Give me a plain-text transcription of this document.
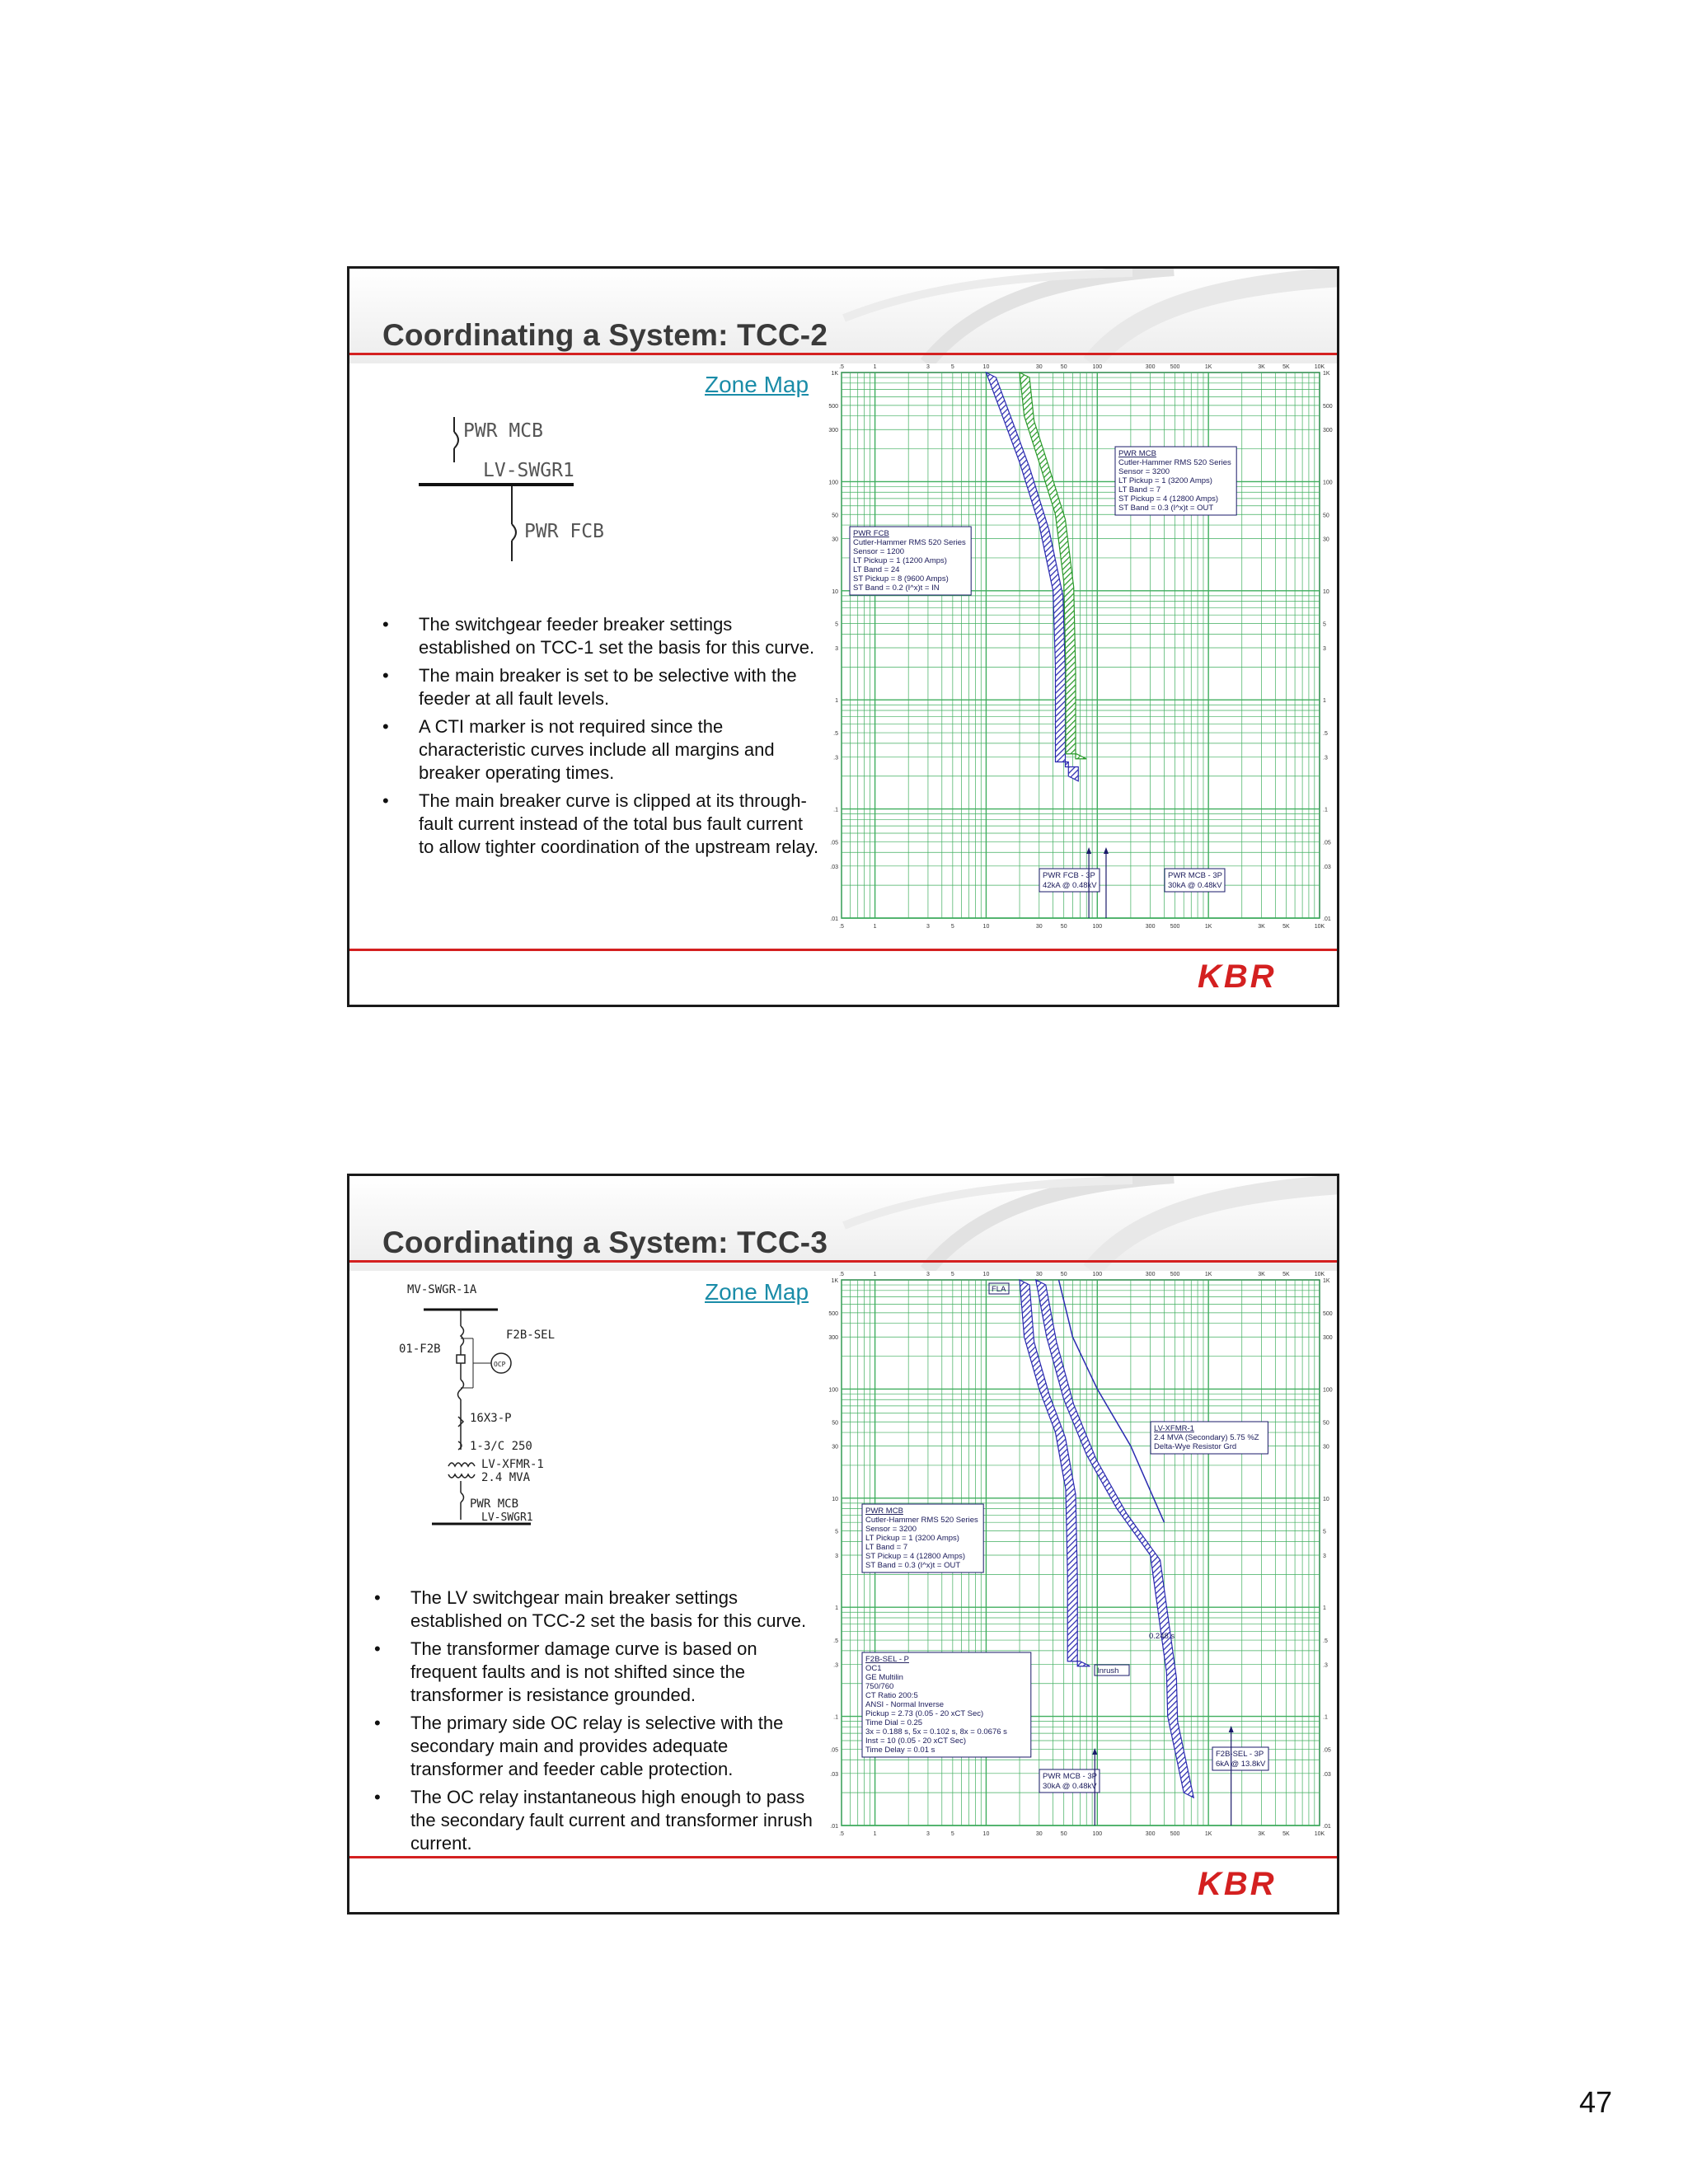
Coordinating a System: TCC-2
Zone Map
PWR MCB
LV-SWGR1
PWR FCB
• The switchgear feeder breaker settings established on TCC-1 set the basis for this curve.
• The main breaker is set to be selective with the feeder at all fault levels.
• A CTI marker is not required since the characteristic curves include all margins and breaker operating times.
• The main breaker curve is clipped at its through-fault current instead of the total bus fault current to allow tighter coordination of the upstream relay.
.5
.5
1
1
3
3
5
5
10
10
30
30
50
50
100
100
300
300
500
500
1K
1K
3K
3K
5K
5K
10K
10K
1K	1K
500	500
300	300
100	100
50	50
30	30
10	10
5	5
3	3
1	1
.5	.5
.3	.3
.1	.1
.05	.05
.03	.03
.01	.01
PWR FCB
Cutler-Hammer RMS 520 Series
Sensor = 1200
LT Pickup = 1 (1200 Amps)
LT Band = 24
ST Pickup = 8 (9600 Amps)
ST Band = 0.2 (I^x)t = IN
PWR MCB
Cutler-Hammer RMS 520 Series
Sensor = 3200
LT Pickup = 1 (3200 Amps)
LT Band = 7
ST Pickup = 4 (12800 Amps)
ST Band = 0.3 (I^x)t = OUT
PWR FCB - 3P
42kA @ 0.48kV
PWR MCB - 3P
30kA @ 0.48kV
KBR
Coordinating a System: TCC-3
Zone Map
MV-SWGR-1A
OCP
F2B-SEL
01-F2B
16X3-P
1-3/C 250
LV-XFMR-1
2.4 MVA
PWR MCB
LV-SWGR1
• The LV switchgear main breaker settings established on TCC-2 set the basis for this curve.
• The transformer damage curve is based on frequent faults and is not shifted since the transformer is resistance grounded.
• The primary side OC relay is selective with the secondary main and provides adequate transformer and feeder cable protection.
• The OC relay instantaneous high enough to pass the secondary fault current and transformer inrush current.
.5
.5
1
1
3
3
5
5
10
10
30
30
50
50
100
100
300
300
500
500
1K
1K
3K
3K
5K
5K
10K
10K
1K	1K
500	500
300	300
100	100
50	50
30	30
10	10
5	5
3	3
1	1
.5	.5
.3	.3
.1	.1
.05	.05
.03	.03
.01	.01
PWR MCB
Cutler-Hammer RMS 520 Series
Sensor = 3200
LT Pickup = 1 (3200 Amps)
LT Band = 7
ST Pickup = 4 (12800 Amps)
ST Band = 0.3 (I^x)t = OUT
F2B-SEL - P
OC1
GE Multilin
750/760
CT Ratio 200:5
ANSI - Normal Inverse
Pickup = 2.73 (0.05 - 20 xCT Sec)
Time Dial = 0.25
3x = 0.188 s, 5x = 0.102 s, 8x = 0.0676 s
Inst = 10 (0.05 - 20 xCT Sec)
Time Delay = 0.01 s
LV-XFMR-1
2.4 MVA (Secondary) 5.75 %Z
Delta-Wye Resistor Grd
FLA
Inrush
0.248 s
F2B-SEL - 3P
6kA @ 13.8kV
PWR MCB - 3P
30kA @ 0.48kV
KBR
47
